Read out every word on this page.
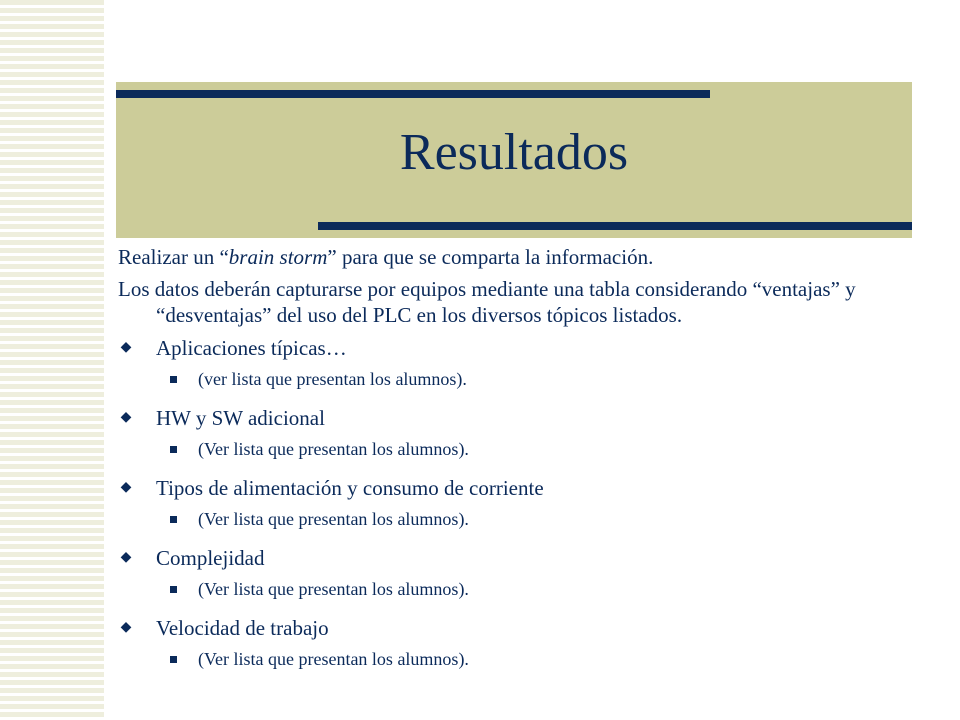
Resultados

Realizar un “brain storm” para que se comparta la información.

Los datos deberán capturarse por equipos mediante una tabla considerando “ventajas” y “desventajas” del uso del PLC en los diversos tópicos listados.

◆ Aplicaciones típicas…
(ver lista que presentan los alumnos).
◆ HW y SW adicional
(Ver lista que presentan los alumnos).
◆ Tipos de alimentación y consumo de corriente
(Ver lista que presentan los alumnos).
◆ Complejidad
(Ver lista que presentan los alumnos).
◆ Velocidad de trabajo
(Ver lista que presentan los alumnos).
